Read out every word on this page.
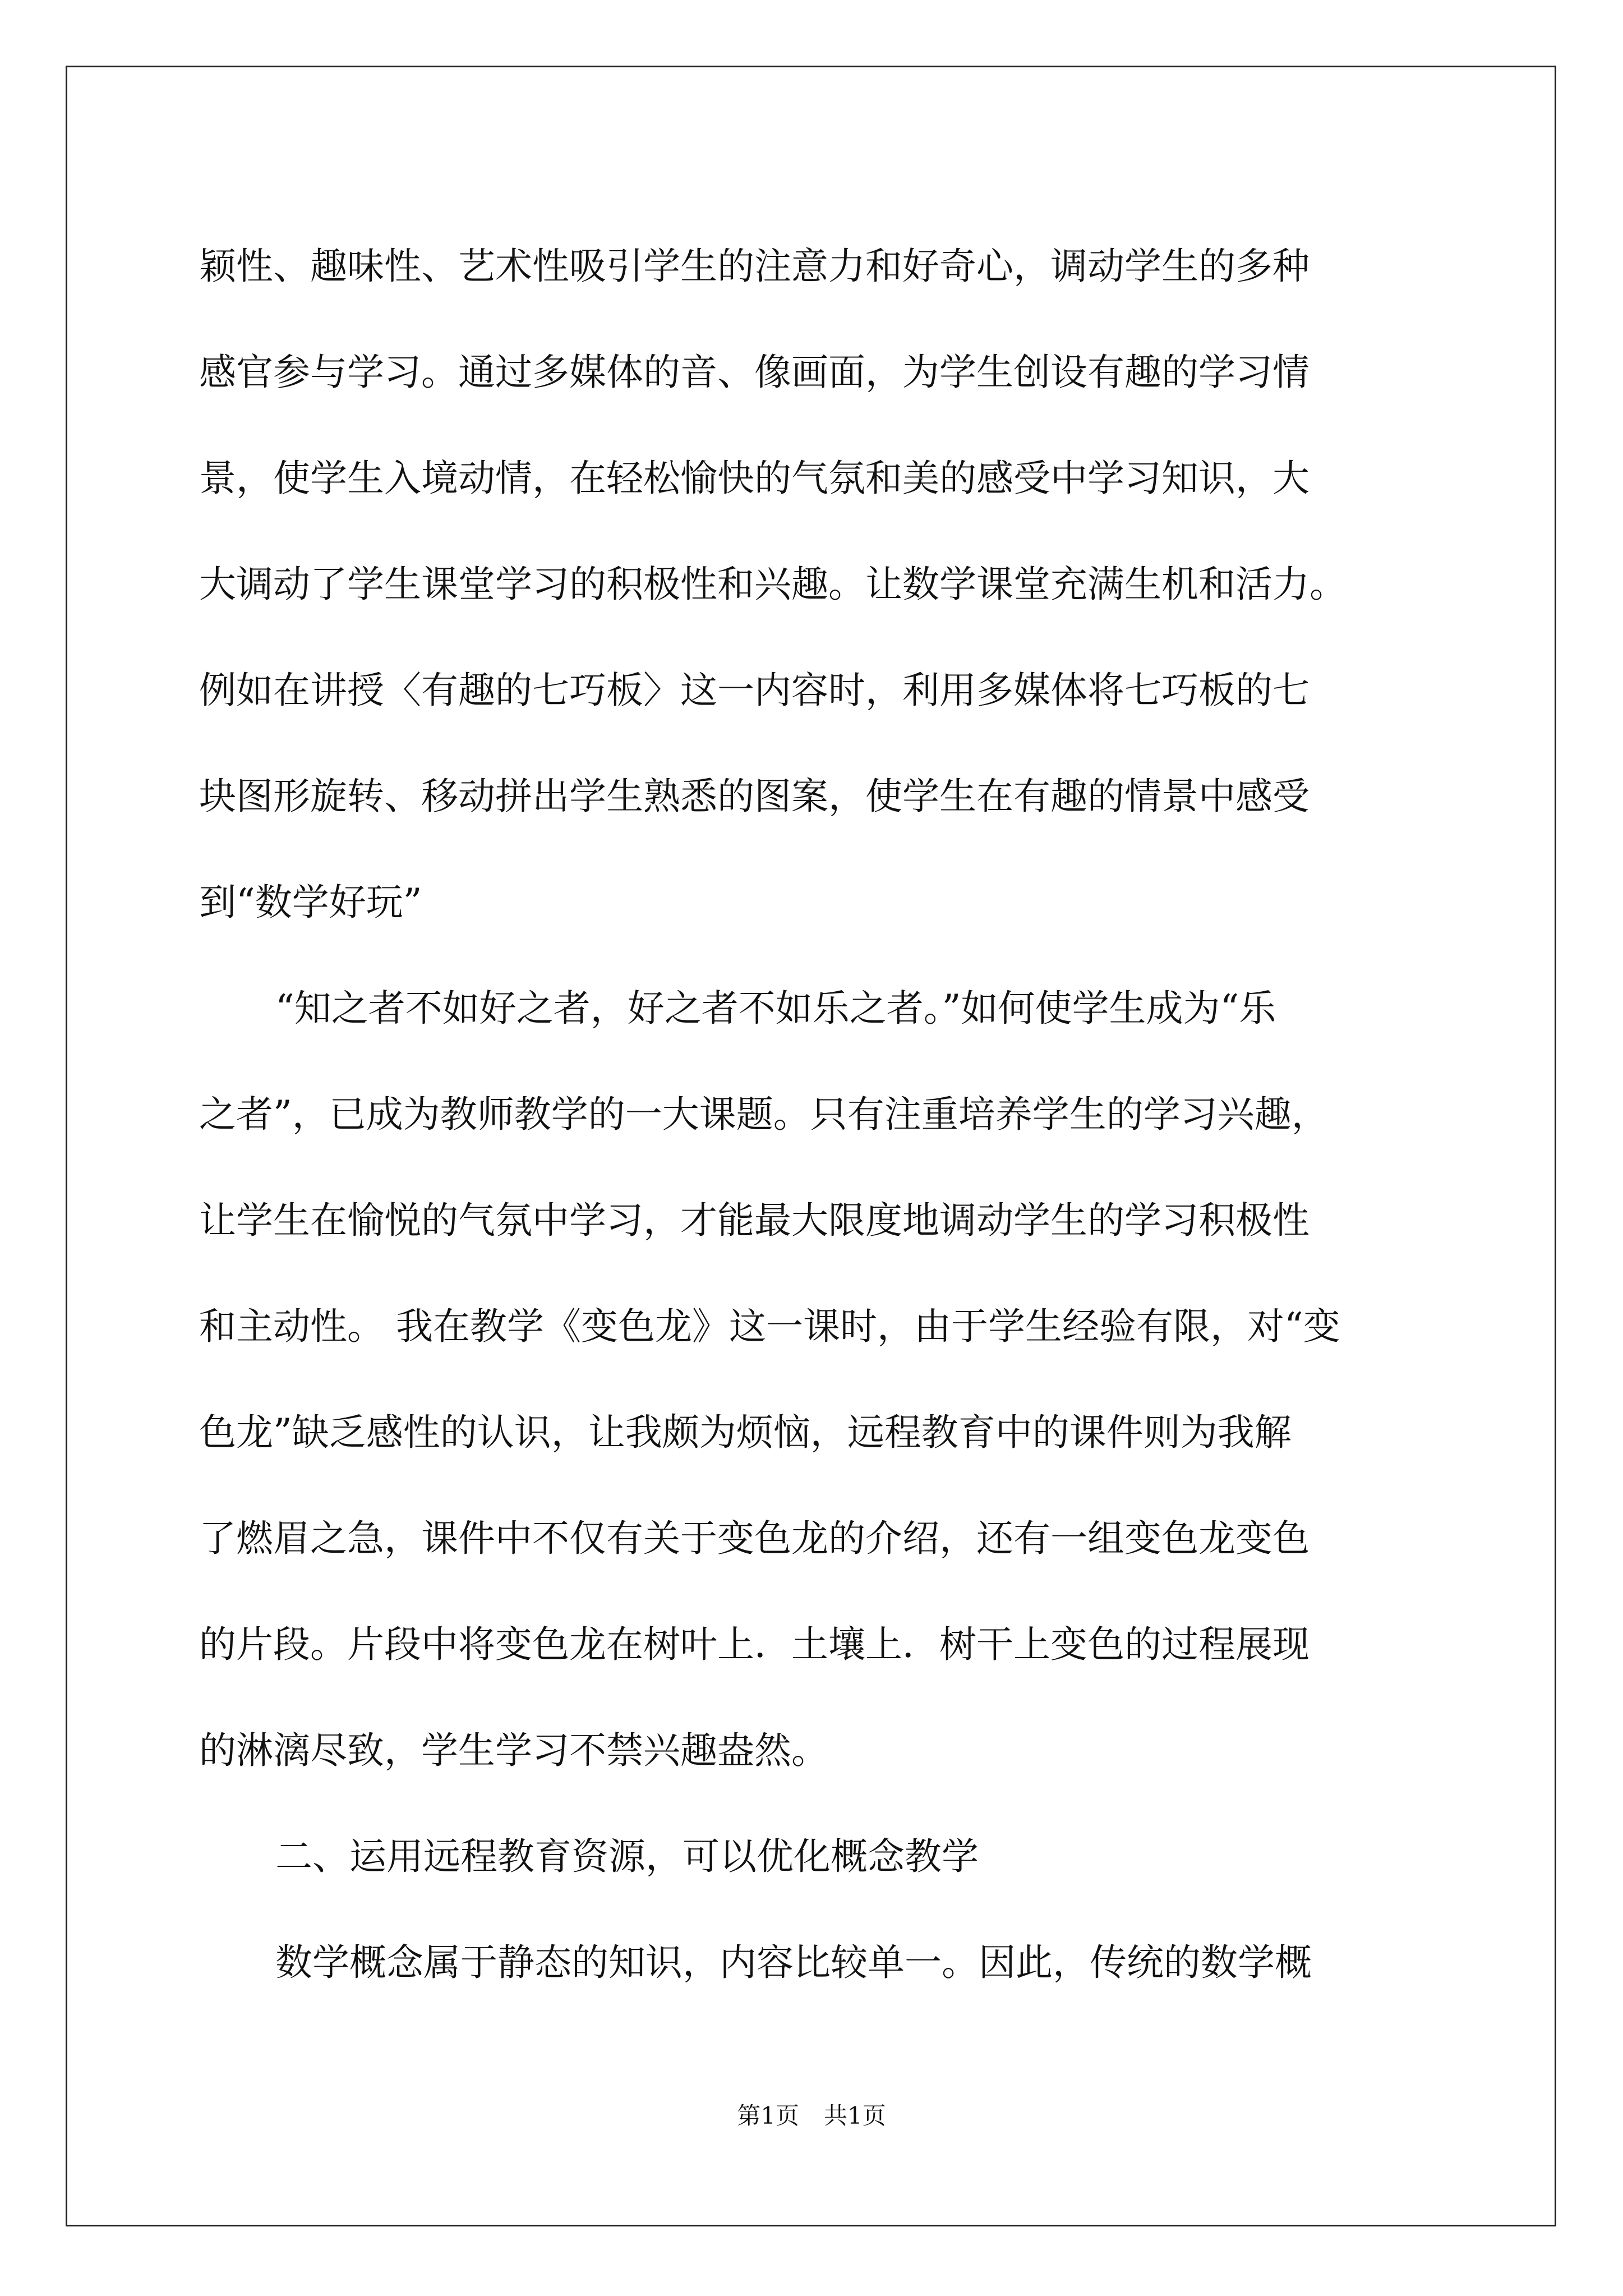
颖性、趣味性、艺术性吸引学生的注意力和好奇心，调动学生的多种
感官参与学习。通过多媒体的音、像画面，为学生创设有趣的学习情
景，使学生入境动情，在轻松愉快的气氛和美的感受中学习知识，大
大调动了学生课堂学习的积极性和兴趣。让数学课堂充满生机和活力。
例如在讲授〈有趣的七巧板〉这一内容时，利用多媒体将七巧板的七
块图形旋转、移动拼出学生熟悉的图案，使学生在有趣的情景中感受
到“数学好玩”
“知之者不如好之者，好之者不如乐之者。”如何使学生成为“乐
之者”，已成为教师教学的一大课题。只有注重培养学生的学习兴趣，
让学生在愉悦的气氛中学习，才能最大限度地调动学生的学习积极性
和主动性。 我在教学《变色龙》这一课时，由于学生经验有限，对“变
色龙”缺乏感性的认识，让我颇为烦恼，远程教育中的课件则为我解
了燃眉之急，课件中不仅有关于变色龙的介绍，还有一组变色龙变色
的片段。片段中将变色龙在树叶上．土壤上．树干上变色的过程展现
的淋漓尽致，学生学习不禁兴趣盎然。
二、运用远程教育资源，可以优化概念教学
数学概念属于静态的知识，内容比较单一。因此，传统的数学概
第1页 共1页
